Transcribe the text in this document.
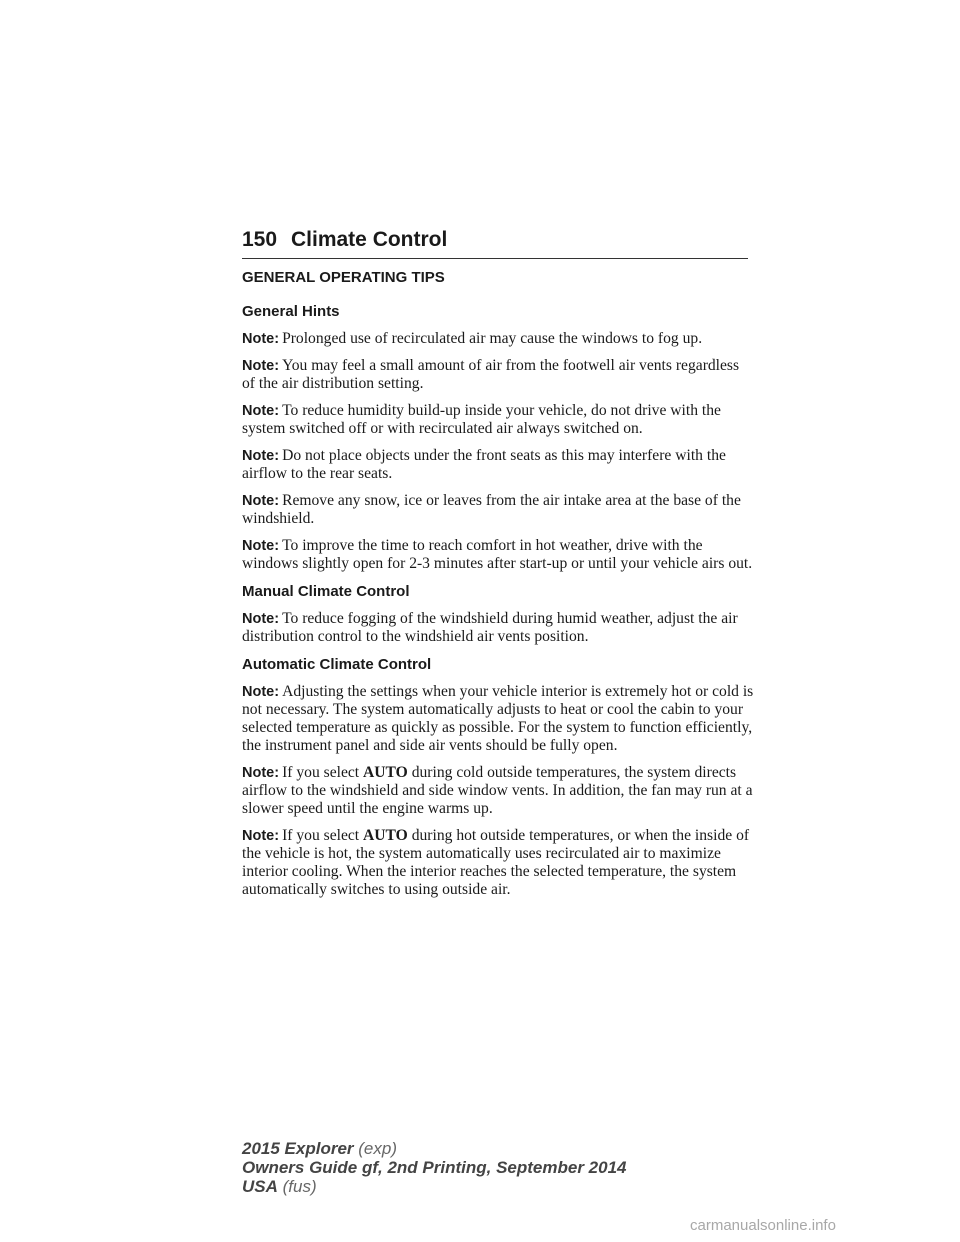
150 Climate Control
GENERAL OPERATING TIPS
General Hints

Note: Prolonged use of recirculated air may cause the windows to fog up.

Note: You may feel a small amount of air from the footwell air vents regardless of the air distribution setting.

Note: To reduce humidity build-up inside your vehicle, do not drive with the system switched off or with recirculated air always switched on.

Note: Do not place objects under the front seats as this may interfere with the airflow to the rear seats.

Note: Remove any snow, ice or leaves from the air intake area at the base of the windshield.

Note: To improve the time to reach comfort in hot weather, drive with the windows slightly open for 2-3 minutes after start-up or until your vehicle airs out.

Manual Climate Control

Note: To reduce fogging of the windshield during humid weather, adjust the air distribution control to the windshield air vents position.

Automatic Climate Control

Note: Adjusting the settings when your vehicle interior is extremely hot or cold is not necessary. The system automatically adjusts to heat or cool the cabin to your selected temperature as quickly as possible. For the system to function efficiently, the instrument panel and side air vents should be fully open.

Note: If you select AUTO during cold outside temperatures, the system directs airflow to the windshield and side window vents. In addition, the fan may run at a slower speed until the engine warms up.

Note: If you select AUTO during hot outside temperatures, or when the inside of the vehicle is hot, the system automatically uses recirculated air to maximize interior cooling. When the interior reaches the selected temperature, the system automatically switches to using outside air.

2015 Explorer (exp)
Owners Guide gf, 2nd Printing, September 2014
USA (fus)
carmanualsonline.info
